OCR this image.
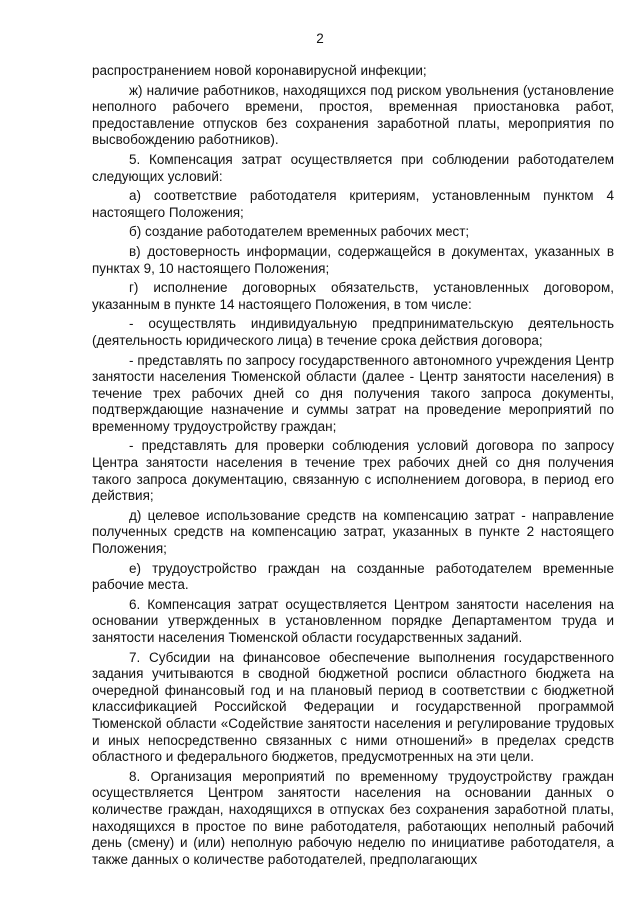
2

распространением новой коронавирусной инфекции;

ж) наличие работников, находящихся под риском увольнения (установление неполного рабочего времени, простоя, временная приостановка работ, предоставление отпусков без сохранения заработной платы, мероприятия по высвобождению работников).

5. Компенсация затрат осуществляется при соблюдении работодателем следующих условий:

а) соответствие работодателя критериям, установленным пунктом 4 настоящего Положения;

б) создание работодателем временных рабочих мест;

в) достоверность информации, содержащейся в документах, указанных в пунктах 9, 10 настоящего Положения;

г) исполнение договорных обязательств, установленных договором, указанным в пункте 14 настоящего Положения, в том числе:

- осуществлять индивидуальную предпринимательскую деятельность (деятельность юридического лица) в течение срока действия договора;

- представлять по запросу государственного автономного учреждения Центр занятости населения Тюменской области (далее - Центр занятости населения) в течение трех рабочих дней со дня получения такого запроса документы, подтверждающие назначение и суммы затрат на проведение мероприятий по временному трудоустройству граждан;

- представлять для проверки соблюдения условий договора по запросу Центра занятости населения в течение трех рабочих дней со дня получения такого запроса документацию, связанную с исполнением договора, в период его действия;

д) целевое использование средств на компенсацию затрат - направление полученных средств на компенсацию затрат, указанных в пункте 2 настоящего Положения;

е) трудоустройство граждан на созданные работодателем временные рабочие места.

6. Компенсация затрат осуществляется Центром занятости населения на основании утвержденных в установленном порядке Департаментом труда и занятости населения Тюменской области государственных заданий.

7. Субсидии на финансовое обеспечение выполнения государственного задания учитываются в сводной бюджетной росписи областного бюджета на очередной финансовый год и на плановый период в соответствии с бюджетной классификацией Российской Федерации и государственной программой Тюменской области «Содействие занятости населения и регулирование трудовых и иных непосредственно связанных с ними отношений» в пределах средств областного и федерального бюджетов, предусмотренных на эти цели.

8. Организация мероприятий по временному трудоустройству граждан осуществляется Центром занятости населения на основании данных о количестве граждан, находящихся в отпусках без сохранения заработной платы, находящихся в простое по вине работодателя, работающих неполный рабочий день (смену) и (или) неполную рабочую неделю по инициативе работодателя, а также данных о количестве работодателей, предполагающих
